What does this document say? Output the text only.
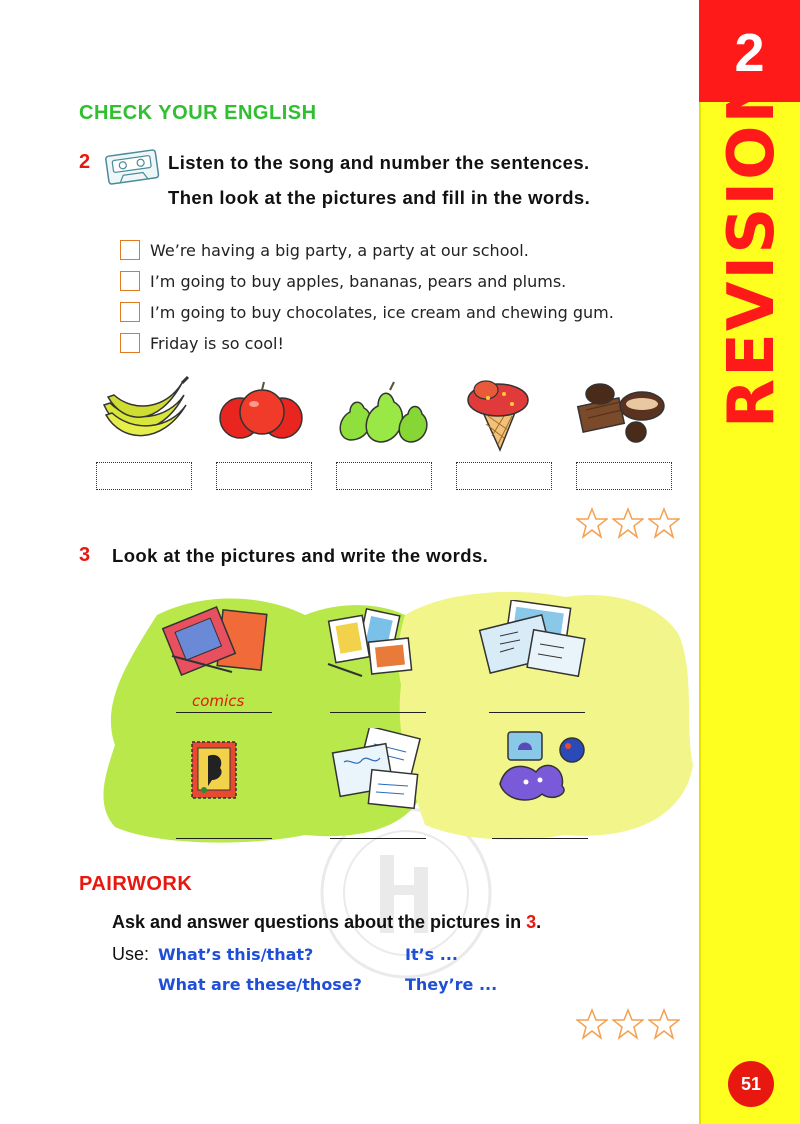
2
REVISION
51
CHECK YOUR ENGLISH
2	Listen to the song and number the sentences.
Then look at the pictures and fill in the words.
We’re having a big party, a party at our school.
I’m going to buy apples, bananas, pears and plums.
I’m going to buy chocolates, ice cream and chewing gum.
Friday is so cool!
3 Look at the pictures and write the words.
comics
PAIRWORK
Ask and answer questions about the pictures in 3.
Use: What’s this/that?	It’s ...
What are these/those?	They’re ...
